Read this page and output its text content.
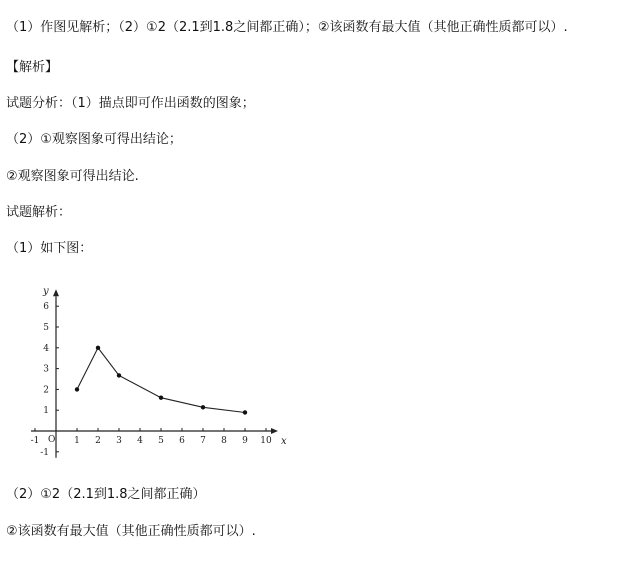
（1）作图见解析；（2）①2（2.1到1.8之间都正确）；②该函数有最大值（其他正确性质都可以）.
【解析】
试题分析：（1）描点即可作出函数的图象；
（2）①观察图象可得出结论；
②观察图象可得出结论.
试题解析：
（1）如下图：
x
y
O
-1	1 2 3 4 5 6 7 8 9 10
-1
1
2
3
4
5
6
（2）①2（2.1到1.8之间都正确）
②该函数有最大值（其他正确性质都可以）.
